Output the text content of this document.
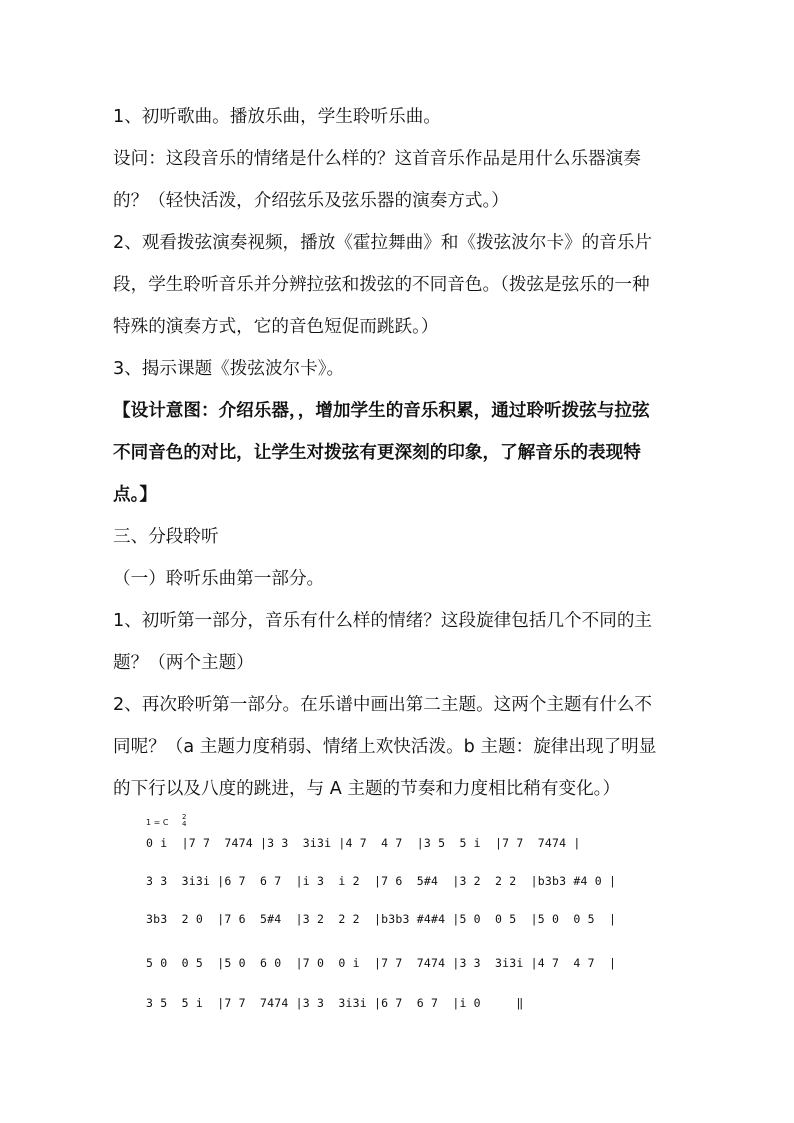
1、初听歌曲。播放乐曲，学生聆听乐曲。

设问：这段音乐的情绪是什么样的？这首音乐作品是用什么乐器演奏

的？（轻快活泼，介绍弦乐及弦乐器的演奏方式。）

2、观看拨弦演奏视频，播放《霍拉舞曲》和《拨弦波尔卡》的音乐片

段，学生聆听音乐并分辨拉弦和拨弦的不同音色。（拨弦是弦乐的一种

特殊的演奏方式，它的音色短促而跳跃。）

3、揭示课题《拨弦波尔卡》。

【设计意图：介绍乐器，，增加学生的音乐积累，通过聆听拨弦与拉弦

不同音色的对比，让学生对拨弦有更深刻的印象，了解音乐的表现特

点。】

三、分段聆听

（一）聆听乐曲第一部分。

1、初听第一部分，音乐有什么样的情绪？这段旋律包括几个不同的主

题？（两个主题）

2、再次聆听第一部分。在乐谱中画出第二主题。这两个主题有什么不

同呢？（a 主题力度稍弱、情绪上欢快活泼。b 主题：旋律出现了明显

的下行以及八度的跳进，与 A 主题的节奏和力度相比稍有变化。）

1 = C
2
4
0 i  |7 7  7474 |3 3  3i3i |4 7  4 7  |3 5  5 i  |7 7  7474 |
3 3  3i3i |6 7  6 7  |i 3  i 2  |7 6  5#4  |3 2  2 2  |b3b3 #4 0 |
3b3  2 0  |7 6  5#4  |3 2  2 2  |b3b3 #4#4 |5 0  0 5  |5 0  0 5  |
5 0  0 5  |5 0  6 0  |7 0  0 i  |7 7  7474 |3 3  3i3i |4 7  4 7  |
3 5  5 i  |7 7  7474 |3 3  3i3i |6 7  6 7  |i 0     ‖
